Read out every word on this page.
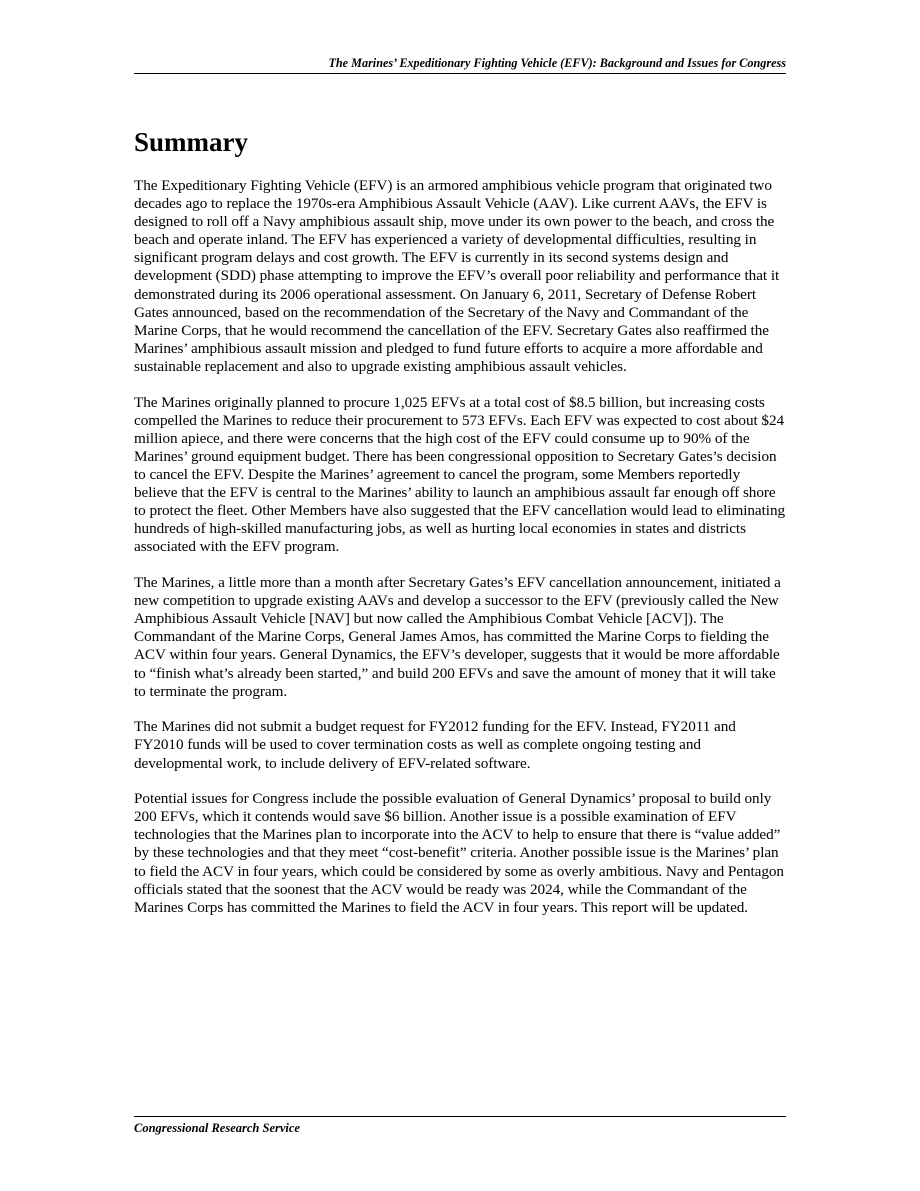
The Marines’ Expeditionary Fighting Vehicle (EFV): Background and Issues for Congress
Summary

The Expeditionary Fighting Vehicle (EFV) is an armored amphibious vehicle program that originated two decades ago to replace the 1970s-era Amphibious Assault Vehicle (AAV). Like current AAVs, the EFV is designed to roll off a Navy amphibious assault ship, move under its own power to the beach, and cross the beach and operate inland. The EFV has experienced a variety of developmental difficulties, resulting in significant program delays and cost growth. The EFV is currently in its second systems design and development (SDD) phase attempting to improve the EFV’s overall poor reliability and performance that it demonstrated during its 2006 operational assessment. On January 6, 2011, Secretary of Defense Robert Gates announced, based on the recommendation of the Secretary of the Navy and Commandant of the Marine Corps, that he would recommend the cancellation of the EFV. Secretary Gates also reaffirmed the Marines’ amphibious assault mission and pledged to fund future efforts to acquire a more affordable and sustainable replacement and also to upgrade existing amphibious assault vehicles.

The Marines originally planned to procure 1,025 EFVs at a total cost of $8.5 billion, but increasing costs compelled the Marines to reduce their procurement to 573 EFVs. Each EFV was expected to cost about $24 million apiece, and there were concerns that the high cost of the EFV could consume up to 90% of the Marines’ ground equipment budget. There has been congressional opposition to Secretary Gates’s decision to cancel the EFV. Despite the Marines’ agreement to cancel the program, some Members reportedly believe that the EFV is central to the Marines’ ability to launch an amphibious assault far enough off shore to protect the fleet. Other Members have also suggested that the EFV cancellation would lead to eliminating hundreds of high-skilled manufacturing jobs, as well as hurting local economies in states and districts associated with the EFV program.

The Marines, a little more than a month after Secretary Gates’s EFV cancellation announcement, initiated a new competition to upgrade existing AAVs and develop a successor to the EFV (previously called the New Amphibious Assault Vehicle [NAV] but now called the Amphibious Combat Vehicle [ACV]). The Commandant of the Marine Corps, General James Amos, has committed the Marine Corps to fielding the ACV within four years. General Dynamics, the EFV’s developer, suggests that it would be more affordable to “finish what’s already been started,” and build 200 EFVs and save the amount of money that it will take to terminate the program.

The Marines did not submit a budget request for FY2012 funding for the EFV. Instead, FY2011 and FY2010 funds will be used to cover termination costs as well as complete ongoing testing and developmental work, to include delivery of EFV-related software.

Potential issues for Congress include the possible evaluation of General Dynamics’ proposal to build only 200 EFVs, which it contends would save $6 billion. Another issue is a possible examination of EFV technologies that the Marines plan to incorporate into the ACV to help to ensure that there is “value added” by these technologies and that they meet “cost-benefit” criteria. Another possible issue is the Marines’ plan to field the ACV in four years, which could be considered by some as overly ambitious. Navy and Pentagon officials stated that the soonest that the ACV would be ready was 2024, while the Commandant of the Marines Corps has committed the Marines to field the ACV in four years. This report will be updated.

Congressional Research Service
